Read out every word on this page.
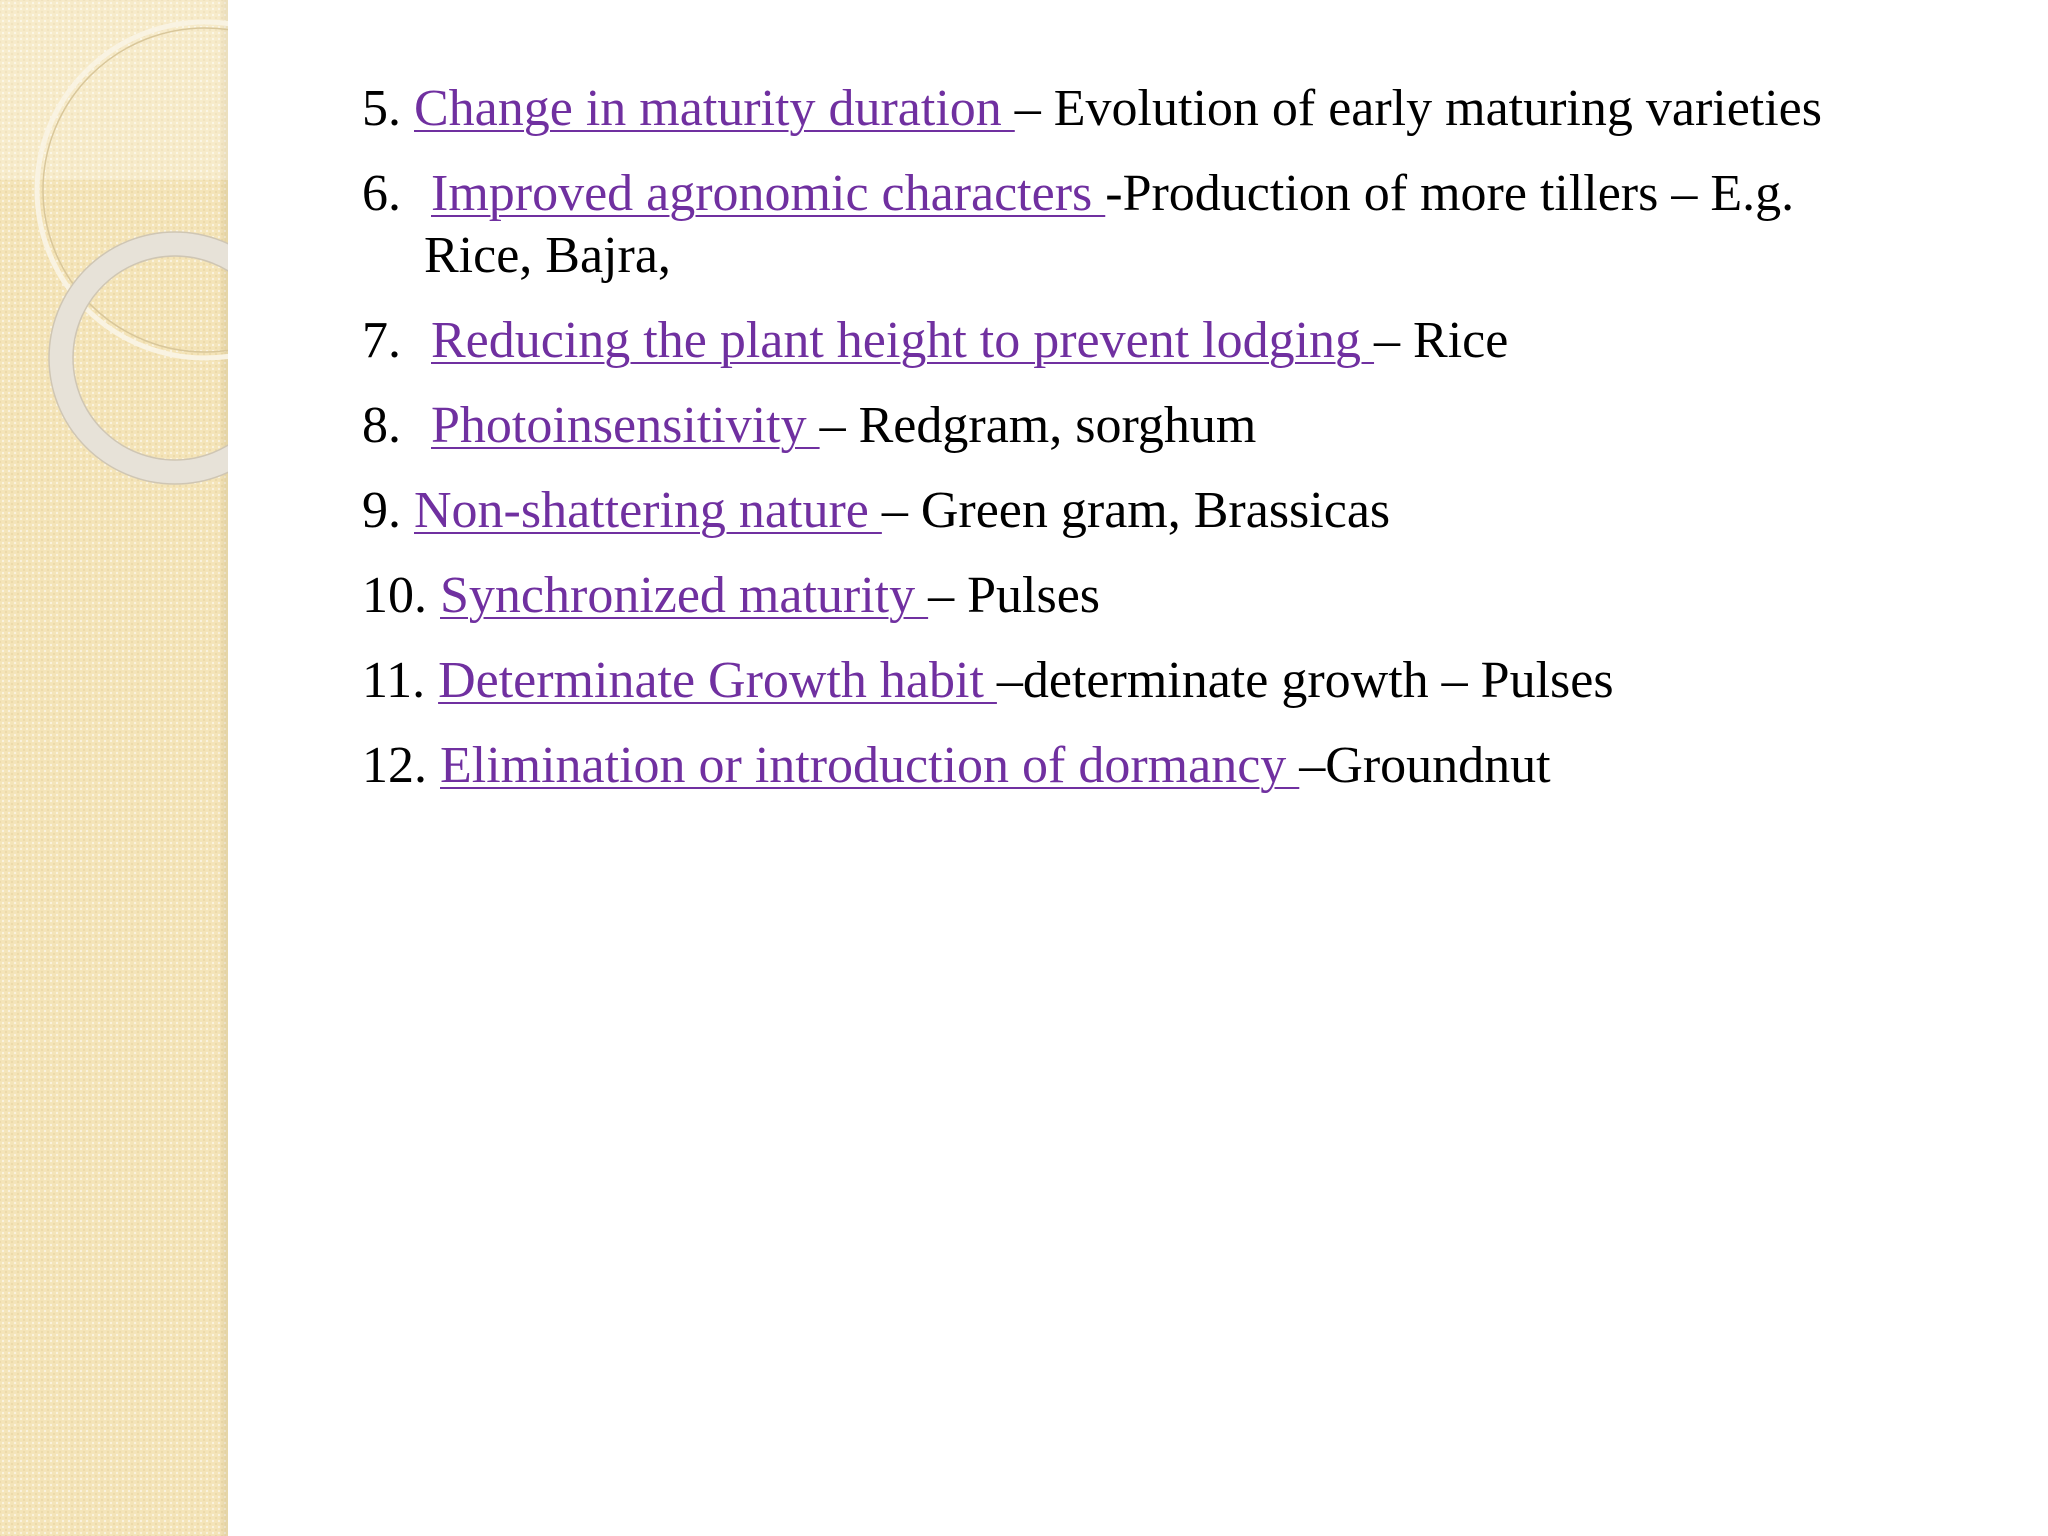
5. Change in maturity duration – Evolution of early maturing varieties
6. Improved agronomic characters -Production of more tillers – E.g.
Rice, Bajra,
7. Reducing the plant height to prevent lodging – Rice
8. Photoinsensitivity – Redgram, sorghum
9. Non-shattering nature – Green gram, Brassicas
10. Synchronized maturity – Pulses
11. Determinate Growth habit –determinate growth – Pulses
12. Elimination or introduction of dormancy –Groundnut
